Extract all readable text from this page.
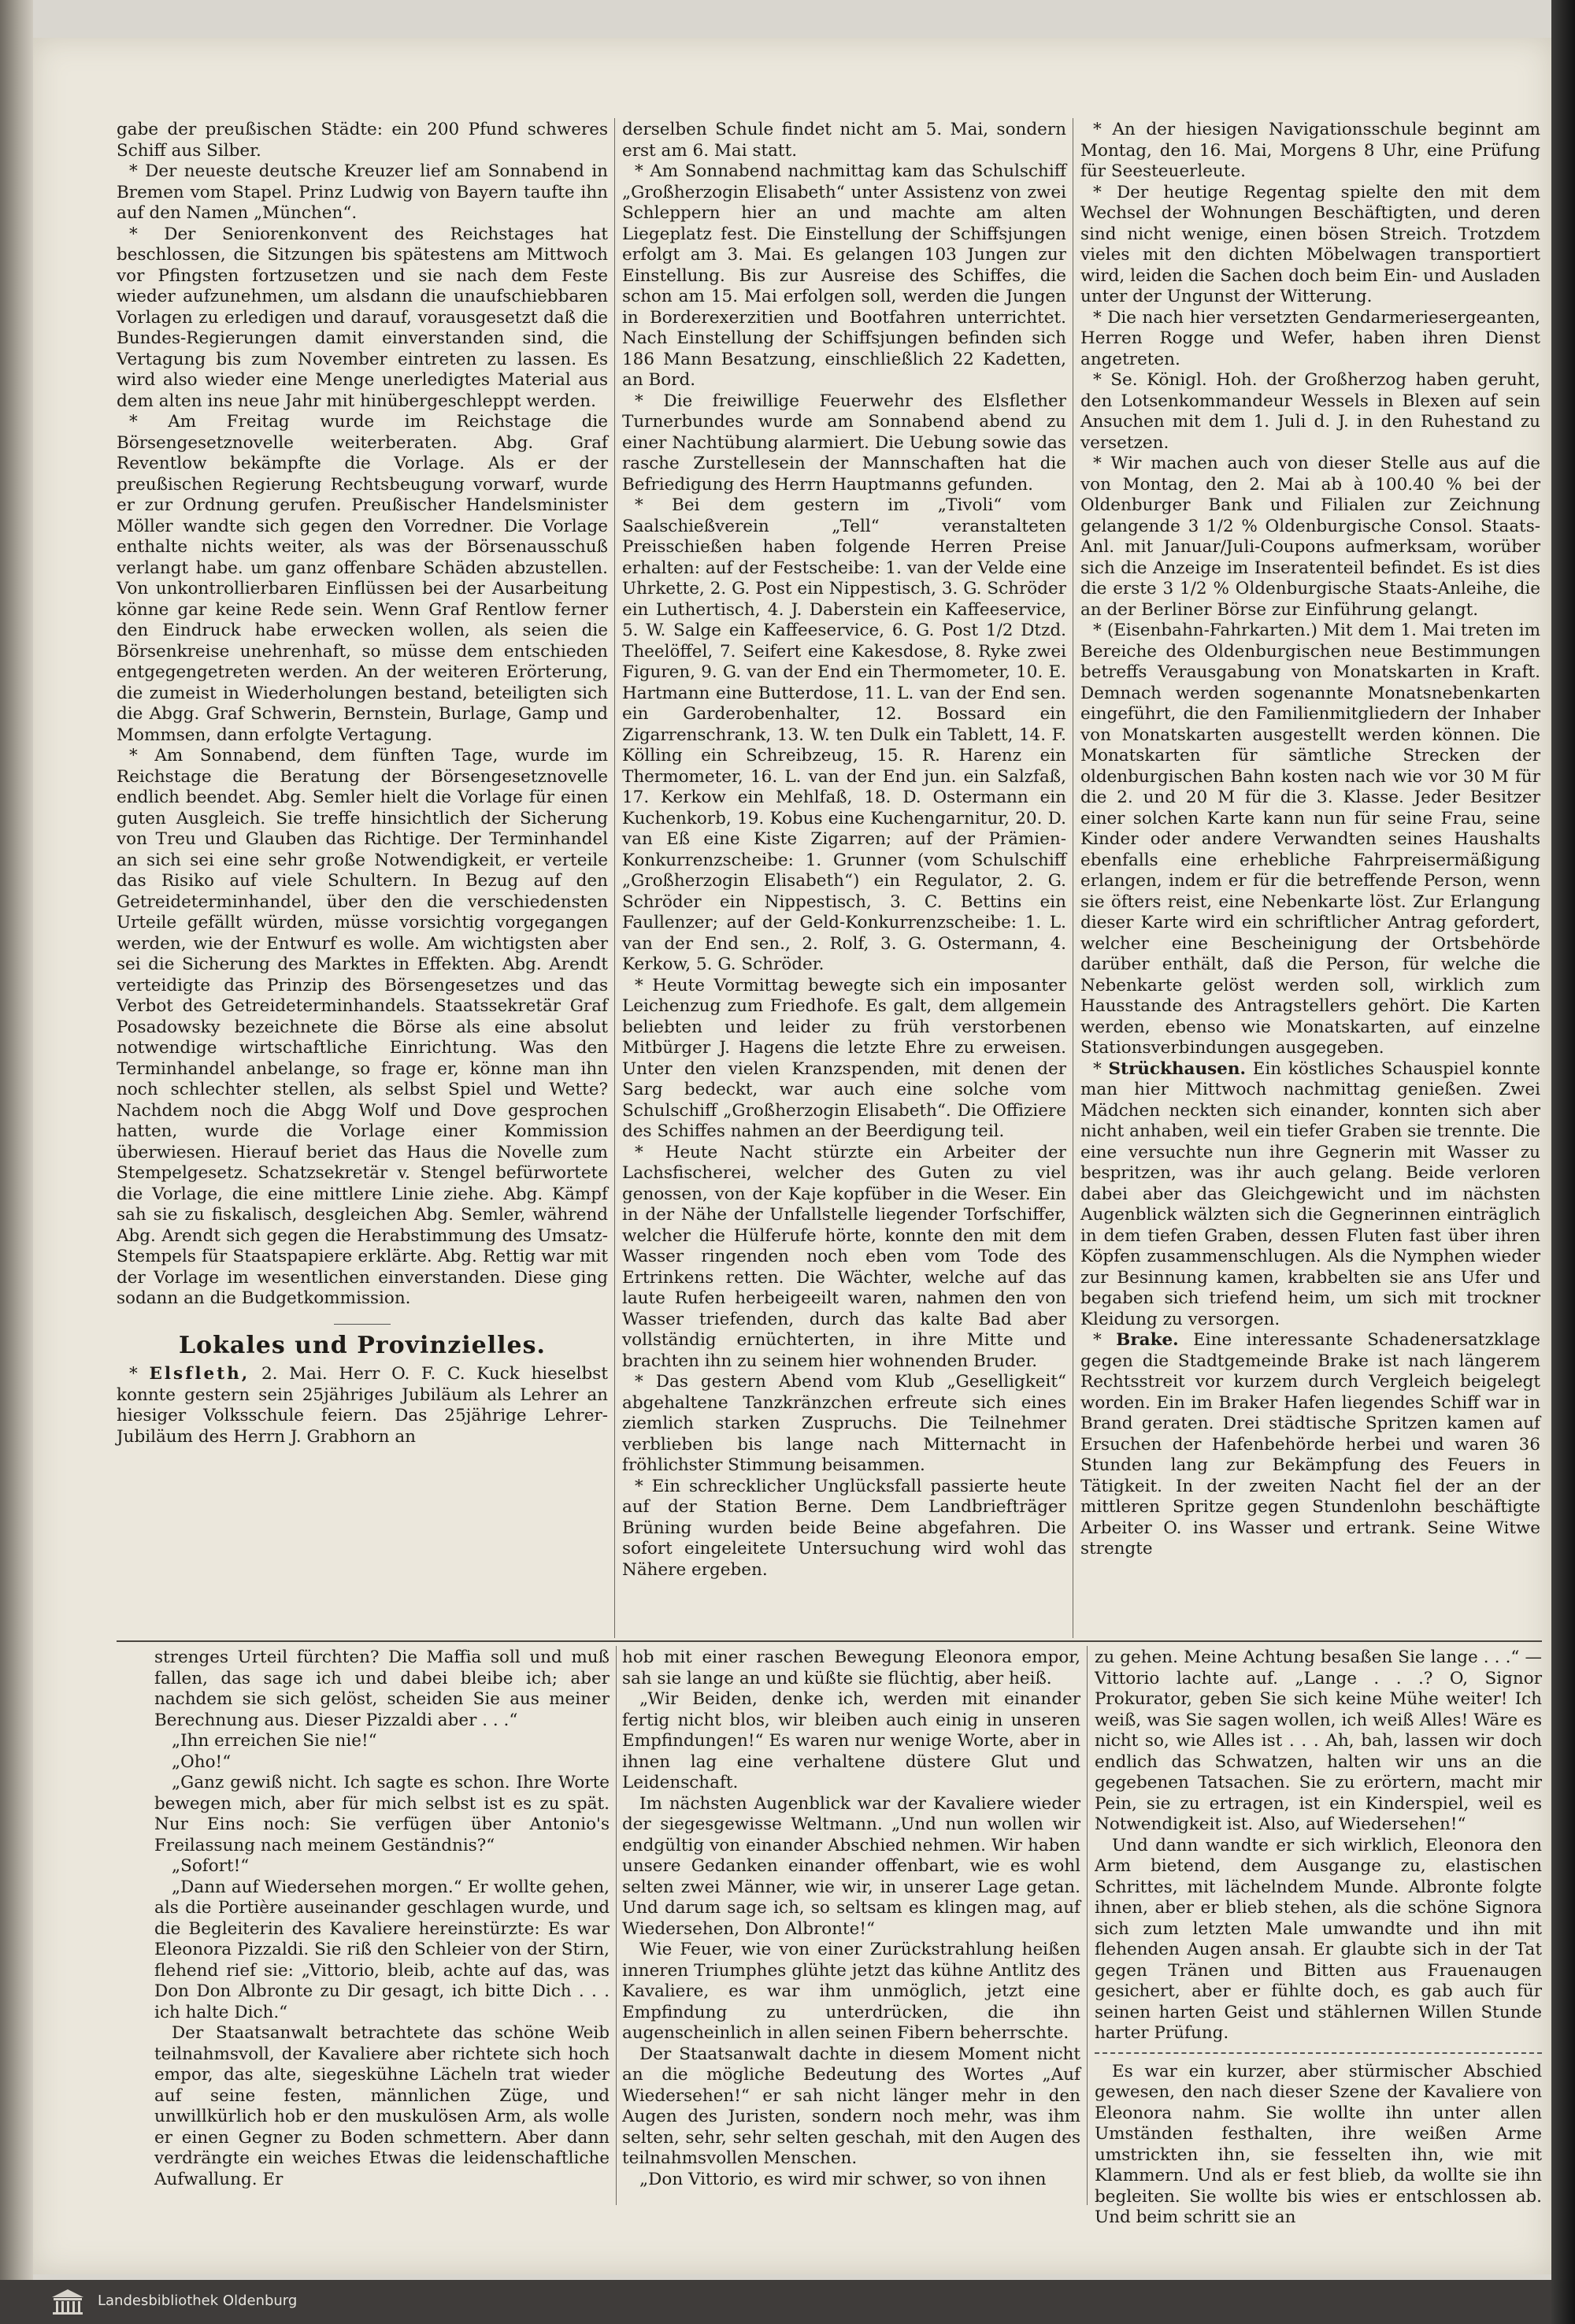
gabe der preußischen Städte: ein 200 Pfund schweres Schiff aus Silber.

* Der neueste deutsche Kreuzer lief am Sonnabend in Bremen vom Stapel. Prinz Ludwig von Bayern taufte ihn auf den Namen „München“.

* Der Seniorenkonvent des Reichstages hat beschlossen, die Sitzungen bis spätestens am Mittwoch vor Pfingsten fortzusetzen und sie nach dem Feste wieder aufzunehmen, um alsdann die unaufschiebbaren Vorlagen zu erledigen und darauf, vorausgesetzt daß die Bundes-Regierungen damit einverstanden sind, die Vertagung bis zum November eintreten zu lassen. Es wird also wieder eine Menge unerledigtes Material aus dem alten ins neue Jahr mit hinübergeschleppt werden.

* Am Freitag wurde im Reichstage die Börsengesetznovelle weiterberaten. Abg. Graf Reventlow bekämpfte die Vorlage. Als er der preußischen Regierung Rechtsbeugung vorwarf, wurde er zur Ordnung gerufen. Preußischer Handelsminister Möller wandte sich gegen den Vorredner. Die Vorlage enthalte nichts weiter, als was der Börsenausschuß verlangt habe. um ganz offenbare Schäden abzustellen. Von unkontrollierbaren Einflüssen bei der Ausarbeitung könne gar keine Rede sein. Wenn Graf Rentlow ferner den Eindruck habe erwecken wollen, als seien die Börsenkreise unehrenhaft, so müsse dem entschieden entgegengetreten werden. An der weiteren Erörterung, die zumeist in Wiederholungen bestand, beteiligten sich die Abgg. Graf Schwerin, Bernstein, Burlage, Gamp und Mommsen, dann erfolgte Vertagung.

* Am Sonnabend, dem fünften Tage, wurde im Reichstage die Beratung der Börsengesetznovelle endlich beendet. Abg. Semler hielt die Vorlage für einen guten Ausgleich. Sie treffe hinsichtlich der Sicherung von Treu und Glauben das Richtige. Der Terminhandel an sich sei eine sehr große Notwendigkeit, er verteile das Risiko auf viele Schultern. In Bezug auf den Getreideterminhandel, über den die verschiedensten Urteile gefällt würden, müsse vorsichtig vorgegangen werden, wie der Entwurf es wolle. Am wichtigsten aber sei die Sicherung des Marktes in Effekten. Abg. Arendt verteidigte das Prinzip des Börsengesetzes und das Verbot des Getreideterminhandels. Staatssekretär Graf Posadowsky bezeichnete die Börse als eine absolut notwendige wirtschaftliche Einrichtung. Was den Terminhandel anbelange, so frage er, könne man ihn noch schlechter stellen, als selbst Spiel und Wette? Nachdem noch die Abgg Wolf und Dove gesprochen hatten, wurde die Vorlage einer Kommission überwiesen. Hierauf beriet das Haus die Novelle zum Stempelgesetz. Schatzsekretär v. Stengel befürwortete die Vorlage, die eine mittlere Linie ziehe. Abg. Kämpf sah sie zu fiskalisch, desgleichen Abg. Semler, während Abg. Arendt sich gegen die Herabstimmung des Umsatz-Stempels für Staatspapiere erklärte. Abg. Rettig war mit der Vorlage im wesentlichen einverstanden. Diese ging sodann an die Budgetkommission.

Lokales und Provinzielles.

* Elsfleth, 2. Mai. Herr O. F. C. Kuck hieselbst konnte gestern sein 25jähriges Jubiläum als Lehrer an hiesiger Volksschule feiern. Das 25jährige Lehrer-Jubiläum des Herrn J. Grabhorn an

derselben Schule findet nicht am 5. Mai, sondern erst am 6. Mai statt.

* Am Sonnabend nachmittag kam das Schulschiff „Großherzogin Elisabeth“ unter Assistenz von zwei Schleppern hier an und machte am alten Liegeplatz fest. Die Einstellung der Schiffsjungen erfolgt am 3. Mai. Es gelangen 103 Jungen zur Einstellung. Bis zur Ausreise des Schiffes, die schon am 15. Mai erfolgen soll, werden die Jungen in Borderexerzitien und Bootfahren unterrichtet. Nach Einstellung der Schiffsjungen befinden sich 186 Mann Besatzung, einschließlich 22 Kadetten, an Bord.

* Die freiwillige Feuerwehr des Elsflether Turnerbundes wurde am Sonnabend abend zu einer Nachtübung alarmiert. Die Uebung sowie das rasche Zurstellesein der Mannschaften hat die Befriedigung des Herrn Hauptmanns gefunden.

* Bei dem gestern im „Tivoli“ vom Saalschießverein „Tell“ veranstalteten Preisschießen haben folgende Herren Preise erhalten: auf der Festscheibe: 1. van der Velde eine Uhrkette, 2. G. Post ein Nippestisch, 3. G. Schröder ein Luthertisch, 4. J. Daberstein ein Kaffeeservice, 5. W. Salge ein Kaffeeservice, 6. G. Post 1/2 Dtzd. Theelöffel, 7. Seifert eine Kakesdose, 8. Ryke zwei Figuren, 9. G. van der End ein Thermometer, 10. E. Hartmann eine Butterdose, 11. L. van der End sen. ein Garderobenhalter, 12. Bossard ein Zigarrenschrank, 13. W. ten Dulk ein Tablett, 14. F. Kölling ein Schreibzeug, 15. R. Harenz ein Thermometer, 16. L. van der End jun. ein Salzfaß, 17. Kerkow ein Mehlfaß, 18. D. Ostermann ein Kuchenkorb, 19. Kobus eine Kuchengarnitur, 20. D. van Eß eine Kiste Zigarren; auf der Prämien-Konkurrenzscheibe: 1. Grunner (vom Schulschiff „Großherzogin Elisabeth“) ein Regulator, 2. G. Schröder ein Nippestisch, 3. C. Bettins ein Faullenzer; auf der Geld-Konkurrenzscheibe: 1. L. van der End sen., 2. Rolf, 3. G. Ostermann, 4. Kerkow, 5. G. Schröder.

* Heute Vormittag bewegte sich ein imposanter Leichenzug zum Friedhofe. Es galt, dem allgemein beliebten und leider zu früh verstorbenen Mitbürger J. Hagens die letzte Ehre zu erweisen. Unter den vielen Kranzspenden, mit denen der Sarg bedeckt, war auch eine solche vom Schulschiff „Großherzogin Elisabeth“. Die Offiziere des Schiffes nahmen an der Beerdigung teil.

* Heute Nacht stürzte ein Arbeiter der Lachsfischerei, welcher des Guten zu viel genossen, von der Kaje kopfüber in die Weser. Ein in der Nähe der Unfallstelle liegender Torfschiffer, welcher die Hülferufe hörte, konnte den mit dem Wasser ringenden noch eben vom Tode des Ertrinkens retten. Die Wächter, welche auf das laute Rufen herbeigeeilt waren, nahmen den von Wasser triefenden, durch das kalte Bad aber vollständig ernüchterten, in ihre Mitte und brachten ihn zu seinem hier wohnenden Bruder.

* Das gestern Abend vom Klub „Geselligkeit“ abgehaltene Tanzkränzchen erfreute sich eines ziemlich starken Zuspruchs. Die Teilnehmer verblieben bis lange nach Mitternacht in fröhlichster Stimmung beisammen.

* Ein schrecklicher Unglücksfall passierte heute auf der Station Berne. Dem Landbriefträger Brüning wurden beide Beine abgefahren. Die sofort eingeleitete Untersuchung wird wohl das Nähere ergeben.

* An der hiesigen Navigationsschule beginnt am Montag, den 16. Mai, Morgens 8 Uhr, eine Prüfung für Seesteuerleute.

* Der heutige Regentag spielte den mit dem Wechsel der Wohnungen Beschäftigten, und deren sind nicht wenige, einen bösen Streich. Trotzdem vieles mit den dichten Möbelwagen transportiert wird, leiden die Sachen doch beim Ein- und Ausladen unter der Ungunst der Witterung.

* Die nach hier versetzten Gendarmeriesergeanten, Herren Rogge und Wefer, haben ihren Dienst angetreten.

* Se. Königl. Hoh. der Großherzog haben geruht, den Lotsenkommandeur Wessels in Blexen auf sein Ansuchen mit dem 1. Juli d. J. in den Ruhestand zu versetzen.

* Wir machen auch von dieser Stelle aus auf die von Montag, den 2. Mai ab à 100.40 % bei der Oldenburger Bank und Filialen zur Zeichnung gelangende 3 1/2 % Oldenburgische Consol. Staats-Anl. mit Januar/Juli-Coupons aufmerksam, worüber sich die Anzeige im Inseratenteil befindet. Es ist dies die erste 3 1/2 % Oldenburgische Staats-Anleihe, die an der Berliner Börse zur Einführung gelangt.

* (Eisenbahn-Fahrkarten.) Mit dem 1. Mai treten im Bereiche des Oldenburgischen neue Bestimmungen betreffs Verausgabung von Monatskarten in Kraft. Demnach werden sogenannte Monatsnebenkarten eingeführt, die den Familienmitgliedern der Inhaber von Monatskarten ausgestellt werden können. Die Monatskarten für sämtliche Strecken der oldenburgischen Bahn kosten nach wie vor 30 M für die 2. und 20 M für die 3. Klasse. Jeder Besitzer einer solchen Karte kann nun für seine Frau, seine Kinder oder andere Verwandten seines Haushalts ebenfalls eine erhebliche Fahrpreisermäßigung erlangen, indem er für die betreffende Person, wenn sie öfters reist, eine Nebenkarte löst. Zur Erlangung dieser Karte wird ein schriftlicher Antrag gefordert, welcher eine Bescheinigung der Ortsbehörde darüber enthält, daß die Person, für welche die Nebenkarte gelöst werden soll, wirklich zum Hausstande des Antragstellers gehört. Die Karten werden, ebenso wie Monatskarten, auf einzelne Stationsverbindungen ausgegeben.

* Strückhausen. Ein köstliches Schauspiel konnte man hier Mittwoch nachmittag genießen. Zwei Mädchen neckten sich einander, konnten sich aber nicht anhaben, weil ein tiefer Graben sie trennte. Die eine versuchte nun ihre Gegnerin mit Wasser zu bespritzen, was ihr auch gelang. Beide verloren dabei aber das Gleichgewicht und im nächsten Augenblick wälzten sich die Gegnerinnen einträglich in dem tiefen Graben, dessen Fluten fast über ihren Köpfen zusammenschlugen. Als die Nymphen wieder zur Besinnung kamen, krabbelten sie ans Ufer und begaben sich triefend heim, um sich mit trockner Kleidung zu versorgen.

* Brake. Eine interessante Schadenersatzklage gegen die Stadtgemeinde Brake ist nach längerem Rechtsstreit vor kurzem durch Vergleich beigelegt worden. Ein im Braker Hafen liegendes Schiff war in Brand geraten. Drei städtische Spritzen kamen auf Ersuchen der Hafenbehörde herbei und waren 36 Stunden lang zur Bekämpfung des Feuers in Tätigkeit. In der zweiten Nacht fiel der an der mittleren Spritze gegen Stundenlohn beschäftigte Arbeiter O. ins Wasser und ertrank. Seine Witwe strengte

strenges Urteil fürchten? Die Maffia soll und muß fallen, das sage ich und dabei bleibe ich; aber nachdem sie sich gelöst, scheiden Sie aus meiner Berechnung aus. Dieser Pizzaldi aber . . .“

„Ihn erreichen Sie nie!“

„Oho!“

„Ganz gewiß nicht. Ich sagte es schon. Ihre Worte bewegen mich, aber für mich selbst ist es zu spät. Nur Eins noch: Sie verfügen über Antonio's Freilassung nach meinem Geständnis?“

„Sofort!“

„Dann auf Wiedersehen morgen.“ Er wollte gehen, als die Portière auseinander geschlagen wurde, und die Begleiterin des Kavaliere hereinstürzte: Es war Eleonora Pizzaldi. Sie riß den Schleier von der Stirn, flehend rief sie: „Vittorio, bleib, achte auf das, was Don Don Albronte zu Dir gesagt, ich bitte Dich . . . ich halte Dich.“

Der Staatsanwalt betrachtete das schöne Weib teilnahmsvoll, der Kavaliere aber richtete sich hoch empor, das alte, siegeskühne Lächeln trat wieder auf seine festen, männlichen Züge, und unwillkürlich hob er den muskulösen Arm, als wolle er einen Gegner zu Boden schmettern. Aber dann verdrängte ein weiches Etwas die leidenschaftliche Aufwallung. Er

hob mit einer raschen Bewegung Eleonora empor, sah sie lange an und küßte sie flüchtig, aber heiß.

„Wir Beiden, denke ich, werden mit einander fertig nicht blos, wir bleiben auch einig in unseren Empfindungen!“ Es waren nur wenige Worte, aber in ihnen lag eine verhaltene düstere Glut und Leidenschaft.

Im nächsten Augenblick war der Kavaliere wieder der siegesgewisse Weltmann. „Und nun wollen wir endgültig von einander Abschied nehmen. Wir haben unsere Gedanken einander offenbart, wie es wohl selten zwei Männer, wie wir, in unserer Lage getan. Und darum sage ich, so seltsam es klingen mag, auf Wiedersehen, Don Albronte!“

Wie Feuer, wie von einer Zurückstrahlung heißen inneren Triumphes glühte jetzt das kühne Antlitz des Kavaliere, es war ihm unmöglich, jetzt eine Empfindung zu unterdrücken, die ihn augenscheinlich in allen seinen Fibern beherrschte.

Der Staatsanwalt dachte in diesem Moment nicht an die mögliche Bedeutung des Wortes „Auf Wiedersehen!“ er sah nicht länger mehr in den Augen des Juristen, sondern noch mehr, was ihm selten, sehr, sehr selten geschah, mit den Augen des teilnahmsvollen Menschen.

„Don Vittorio, es wird mir schwer, so von ihnen

zu gehen. Meine Achtung besaßen Sie lange . . .“ — Vittorio lachte auf. „Lange . . .? O, Signor Prokurator, geben Sie sich keine Mühe weiter! Ich weiß, was Sie sagen wollen, ich weiß Alles! Wäre es nicht so, wie Alles ist . . . Ah, bah, lassen wir doch endlich das Schwatzen, halten wir uns an die gegebenen Tatsachen. Sie zu erörtern, macht mir Pein, sie zu ertragen, ist ein Kinderspiel, weil es Notwendigkeit ist. Also, auf Wiedersehen!“

Und dann wandte er sich wirklich, Eleonora den Arm bietend, dem Ausgange zu, elastischen Schrittes, mit lächelndem Munde. Albronte folgte ihnen, aber er blieb stehen, als die schöne Signora sich zum letzten Male umwandte und ihn mit flehenden Augen ansah. Er glaubte sich in der Tat gegen Tränen und Bitten aus Frauenaugen gesichert, aber er fühlte doch, es gab auch für seinen harten Geist und stählernen Willen Stunde harter Prüfung.

Es war ein kurzer, aber stürmischer Abschied gewesen, den nach dieser Szene der Kavaliere von Eleonora nahm. Sie wollte ihn unter allen Umständen festhalten, ihre weißen Arme umstrickten ihn, sie fesselten ihn, wie mit Klammern. Und als er fest blieb, da wollte sie ihn begleiten. Sie wollte bis wies er entschlossen ab. Und beim schritt sie an

Landesbibliothek Oldenburg
